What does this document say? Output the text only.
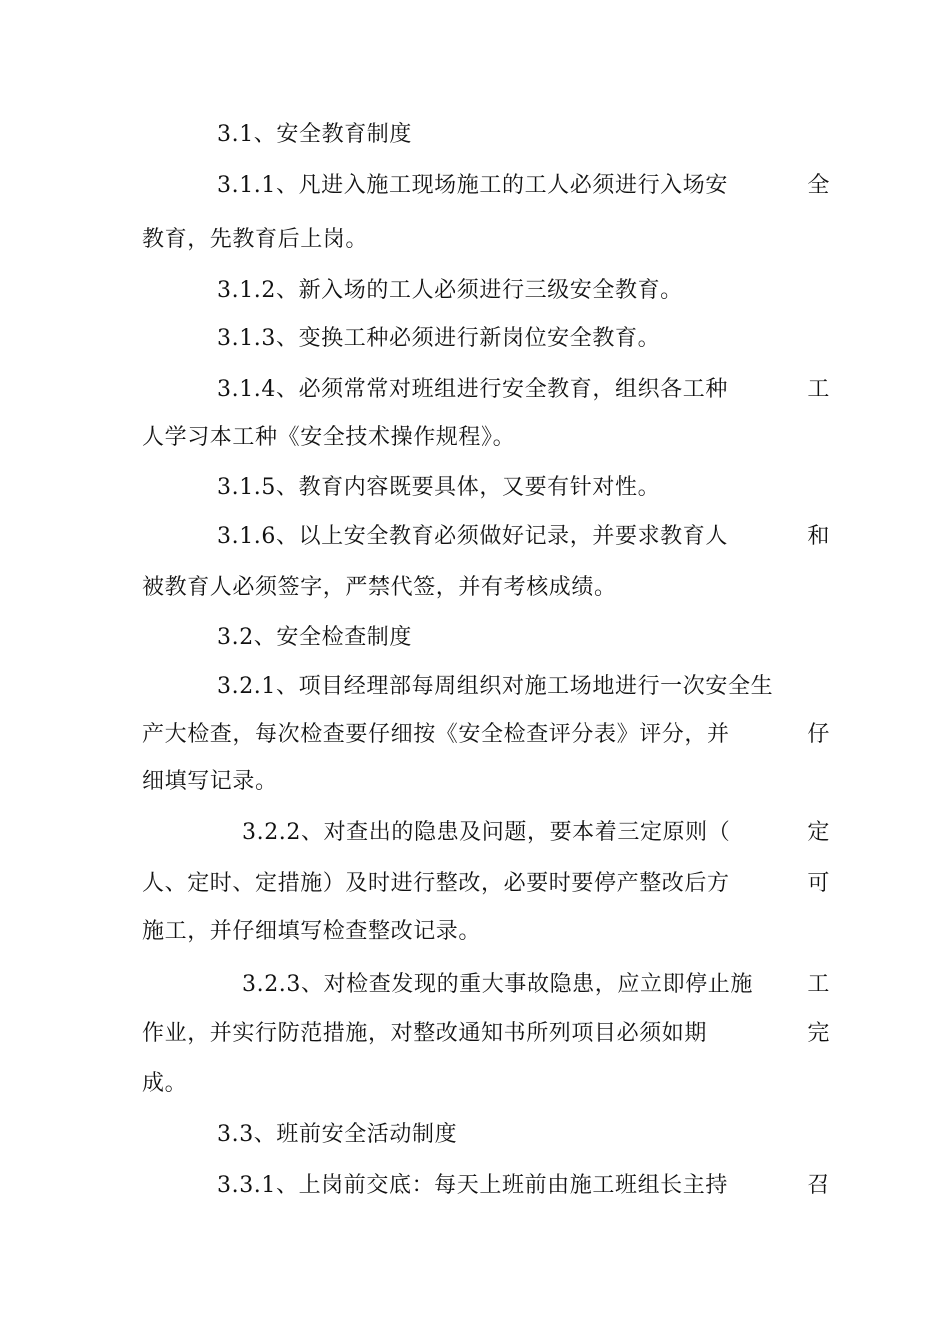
3.1、安全教育制度
3.1.1、凡进入施工现场施工的工人必须进行入场安	全
教育，先教育后上岗。
3.1.2、新入场的工人必须进行三级安全教育。
3.1.3、变换工种必须进行新岗位安全教育。
3.1.4、必须常常对班组进行安全教育，组织各工种	工
人学习本工种《安全技术操作规程》。
3.1.5、教育内容既要具体，又要有针对性。
3.1.6、以上安全教育必须做好记录，并要求教育人	和
被教育人必须签字，严禁代签，并有考核成绩。
3.2、安全检查制度
3.2.1、项目经理部每周组织对施工场地进行一次安全生
产大检查，每次检查要仔细按《安全检查评分表》评分，并	仔
细填写记录。
3.2.2、对查出的隐患及问题，要本着三定原则（	定
人、定时、定措施）及时进行整改，必要时要停产整改后方	可
施工，并仔细填写检查整改记录。
3.2.3、对检查发现的重大事故隐患，应立即停止施 工
作业，并实行防范措施，对整改通知书所列项目必须如期	完
成。
3.3、班前安全活动制度
3.3.1、上岗前交底：每天上班前由施工班组长主持	召
